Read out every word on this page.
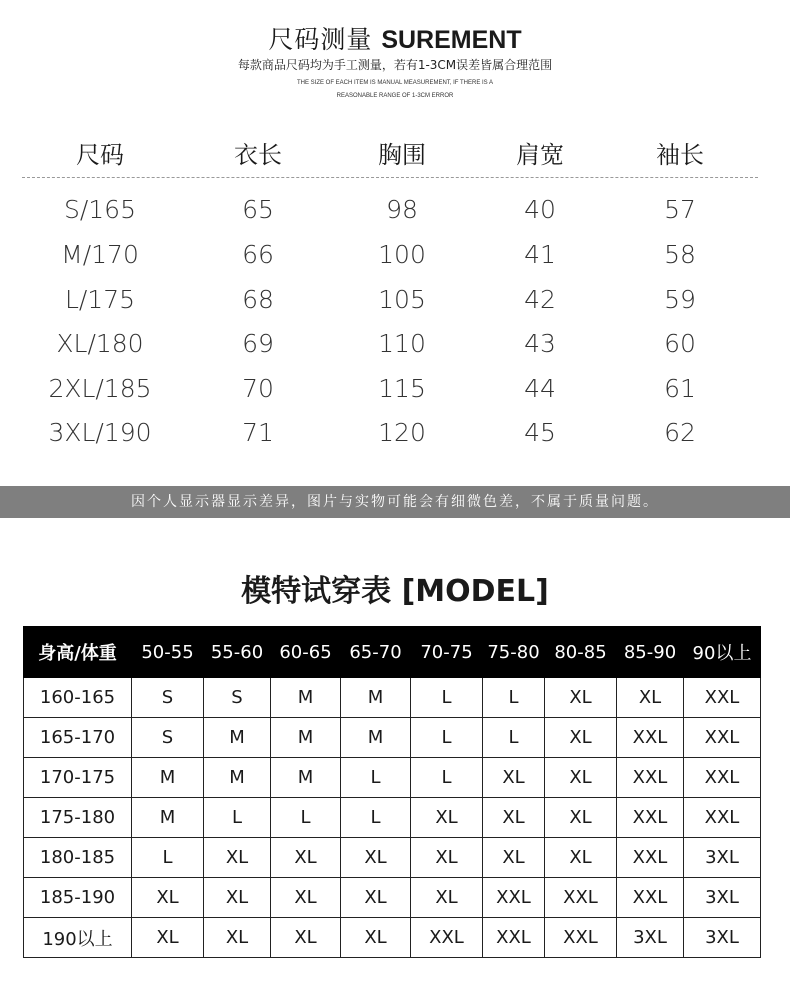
尺码测量 SUREMENT
每款商品尺码均为手工测量，若有1-3CM误差皆属合理范围
THE SIZE OF EACH ITEM IS MANUAL MEASUREMENT, IF THERE IS A
REASONABLE RANGE OF 1-3CM ERROR
尺码	衣长	胸围	肩宽	袖长
S/165	65	98	40	57
M/170	66	100	41	58
L/175	68	105	42	59
XL/180	69	110	43	60
2XL/185	70	115	44	61
3XL/190	71	120	45	62
因个人显示器显示差异，图片与实物可能会有细微色差，不属于质量问题。
模特试穿表 [MODEL]
身高/体重	50-55	55-60	60-65	65-70	70-75	75-80	80-85	85-90	90以上
160-165	S	S	M	M	L	L	XL	XL	XXL
165-170	S	M	M	M	L	L	XL	XXL	XXL
170-175	M	M	M	L	L	XL	XL	XXL	XXL
175-180	M	L	L	L	XL	XL	XL	XXL	XXL
180-185	L	XL	XL	XL	XL	XL	XL	XXL	3XL
185-190	XL	XL	XL	XL	XL	XXL	XXL	XXL	3XL
190以上	XL	XL	XL	XL	XXL	XXL	XXL	3XL	3XL
